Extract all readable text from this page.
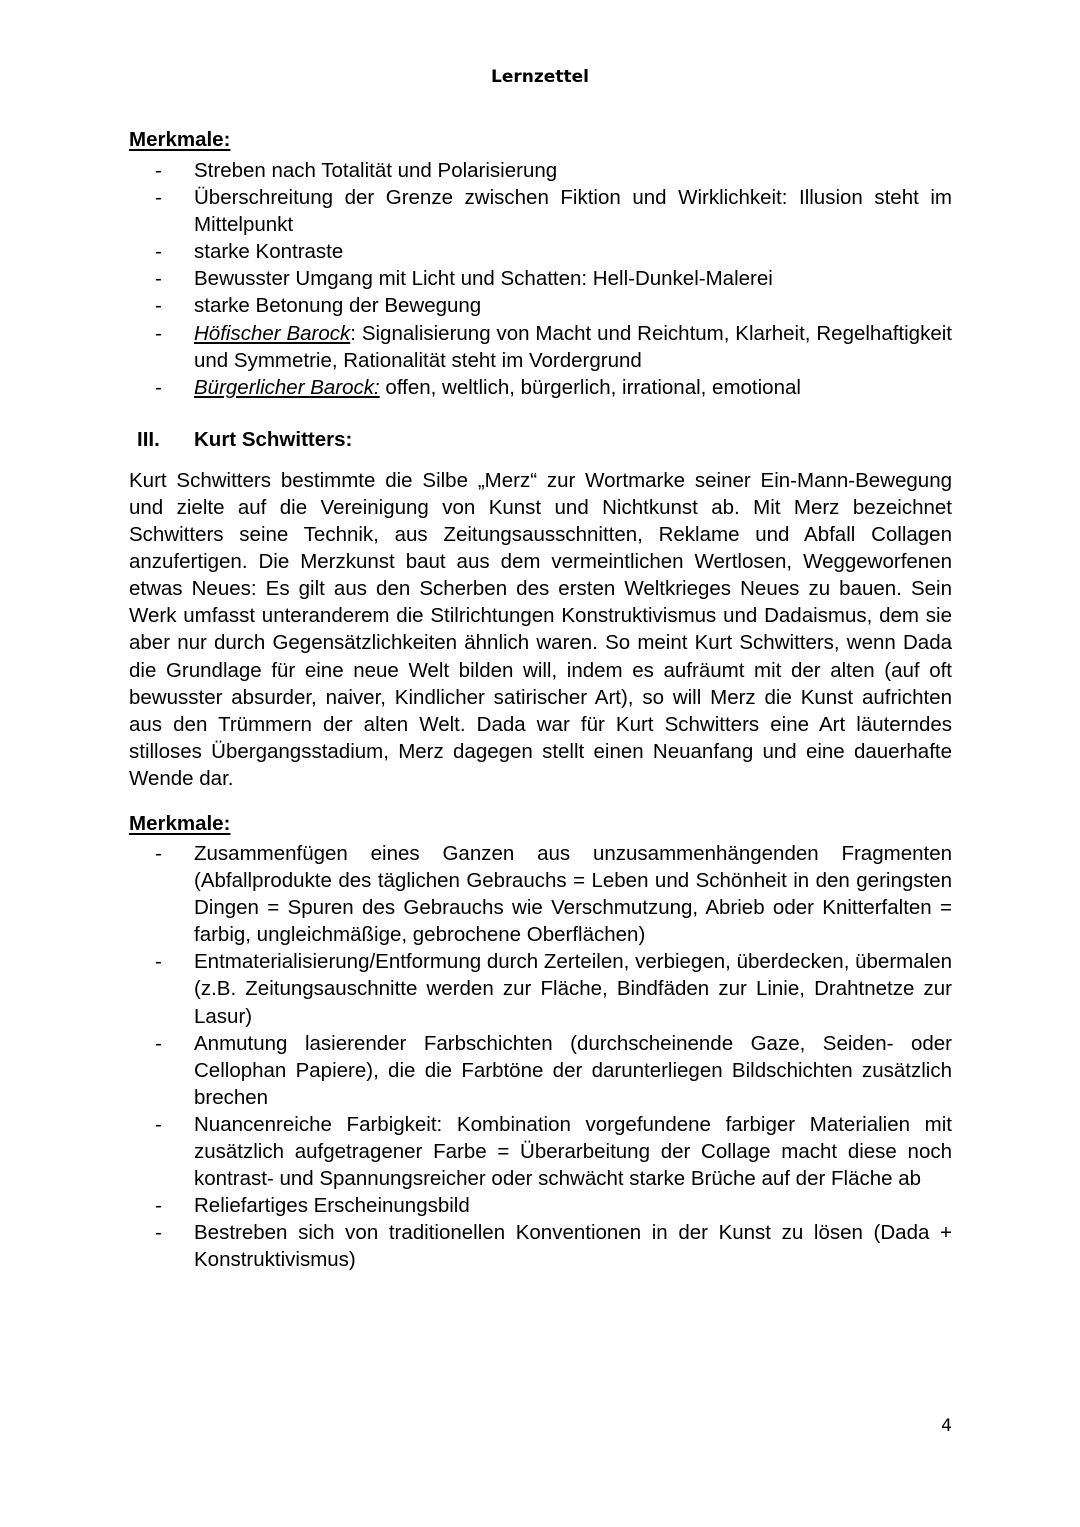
Lernzettel
Merkmale:
- Streben nach Totalität und Polarisierung
- Überschreitung der Grenze zwischen Fiktion und Wirklichkeit: Illusion steht im Mittelpunkt
- starke Kontraste
- Bewusster Umgang mit Licht und Schatten: Hell-Dunkel-Malerei
- starke Betonung der Bewegung
- Höfischer Barock: Signalisierung von Macht und Reichtum, Klarheit, Regelhaftigkeit und Symmetrie, Rationalität steht im Vordergrund
- Bürgerlicher Barock: offen, weltlich, bürgerlich, irrational, emotional
III. Kurt Schwitters:
Kurt Schwitters bestimmte die Silbe „Merz“ zur Wortmarke seiner Ein-Mann-Bewegung und zielte auf die Vereinigung von Kunst und Nichtkunst ab. Mit Merz bezeichnet Schwitters seine Technik, aus Zeitungsausschnitten, Reklame und Abfall Collagen anzufertigen. Die Merzkunst baut aus dem vermeintlichen Wertlosen, Weggeworfenen etwas Neues: Es gilt aus den Scherben des ersten Weltkrieges Neues zu bauen. Sein Werk umfasst unteranderem die Stilrichtungen Konstruktivismus und Dadaismus, dem sie aber nur durch Gegensätzlichkeiten ähnlich waren. So meint Kurt Schwitters, wenn Dada die Grundlage für eine neue Welt bilden will, indem es aufräumt mit der alten (auf oft bewusster absurder, naiver, Kindlicher satirischer Art), so will Merz die Kunst aufrichten aus den Trümmern der alten Welt. Dada war für Kurt Schwitters eine Art läuterndes stilloses Übergangsstadium, Merz dagegen stellt einen Neuanfang und eine dauerhafte Wende dar.
Merkmale:
- Zusammenfügen eines Ganzen aus unzusammenhängenden Fragmenten (Abfallprodukte des täglichen Gebrauchs = Leben und Schönheit in den geringsten Dingen = Spuren des Gebrauchs wie Verschmutzung, Abrieb oder Knitterfalten = farbig, ungleichmäßige, gebrochene Oberflächen)
- Entmaterialisierung/Entformung durch Zerteilen, verbiegen, überdecken, übermalen (z.B. Zeitungsauschnitte werden zur Fläche, Bindfäden zur Linie, Drahtnetze zur Lasur)
- Anmutung lasierender Farbschichten (durchscheinende Gaze, Seiden- oder Cellophan Papiere), die die Farbtöne der darunterliegen Bildschichten zusätzlich brechen
- Nuancenreiche Farbigkeit: Kombination vorgefundene farbiger Materialien mit zusätzlich aufgetragener Farbe = Überarbeitung der Collage macht diese noch kontrast- und Spannungsreicher oder schwächt starke Brüche auf der Fläche ab
- Reliefartiges Erscheinungsbild
- Bestreben sich von traditionellen Konventionen in der Kunst zu lösen (Dada + Konstruktivismus)
4
